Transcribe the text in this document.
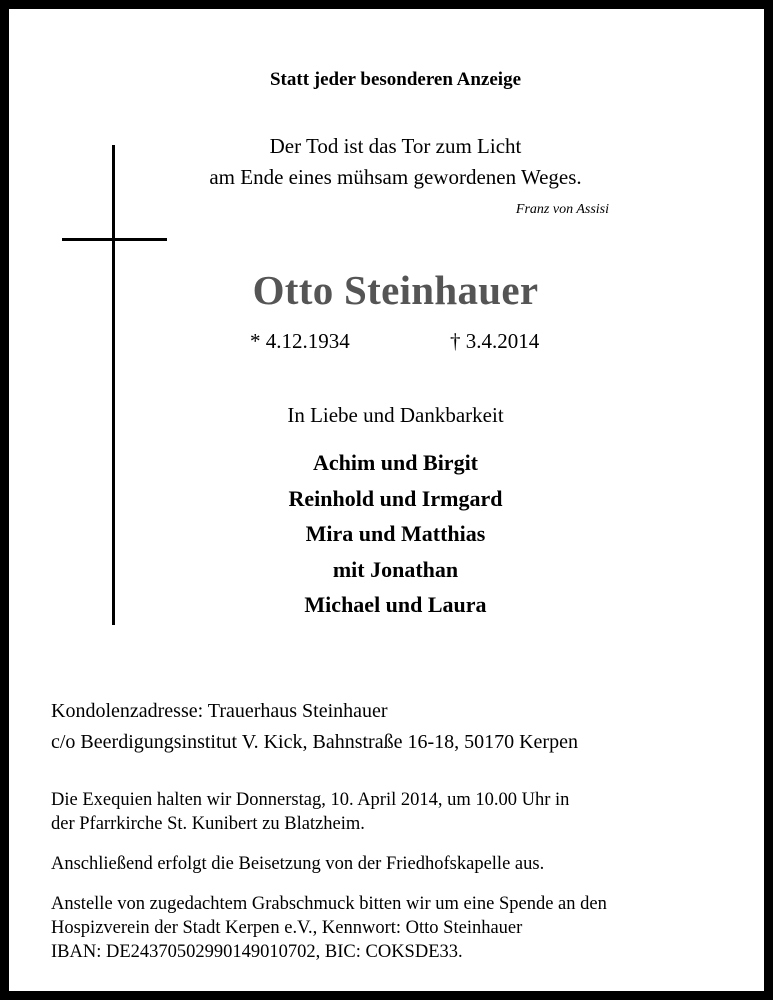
Statt jeder besonderen Anzeige
Der Tod ist das Tor zum Licht
am Ende eines mühsam gewordenen Weges.
Franz von Assisi
Otto Steinhauer
* 4.12.1934	† 3.4.2014
In Liebe und Dankbarkeit
Achim und Birgit
Reinhold und Irmgard
Mira und Matthias
mit Jonathan
Michael und Laura
Kondolenzadresse: Trauerhaus Steinhauer
c/o Beerdigungsinstitut V. Kick, Bahnstraße 16-18, 50170 Kerpen
Die Exequien halten wir Donnerstag, 10. April 2014, um 10.00 Uhr in
der Pfarrkirche St. Kunibert zu Blatzheim.
Anschließend erfolgt die Beisetzung von der Friedhofskapelle aus.
Anstelle von zugedachtem Grabschmuck bitten wir um eine Spende an den
Hospizverein der Stadt Kerpen e.V., Kennwort: Otto Steinhauer
IBAN: DE24370502990149010702, BIC: COKSDE33.
